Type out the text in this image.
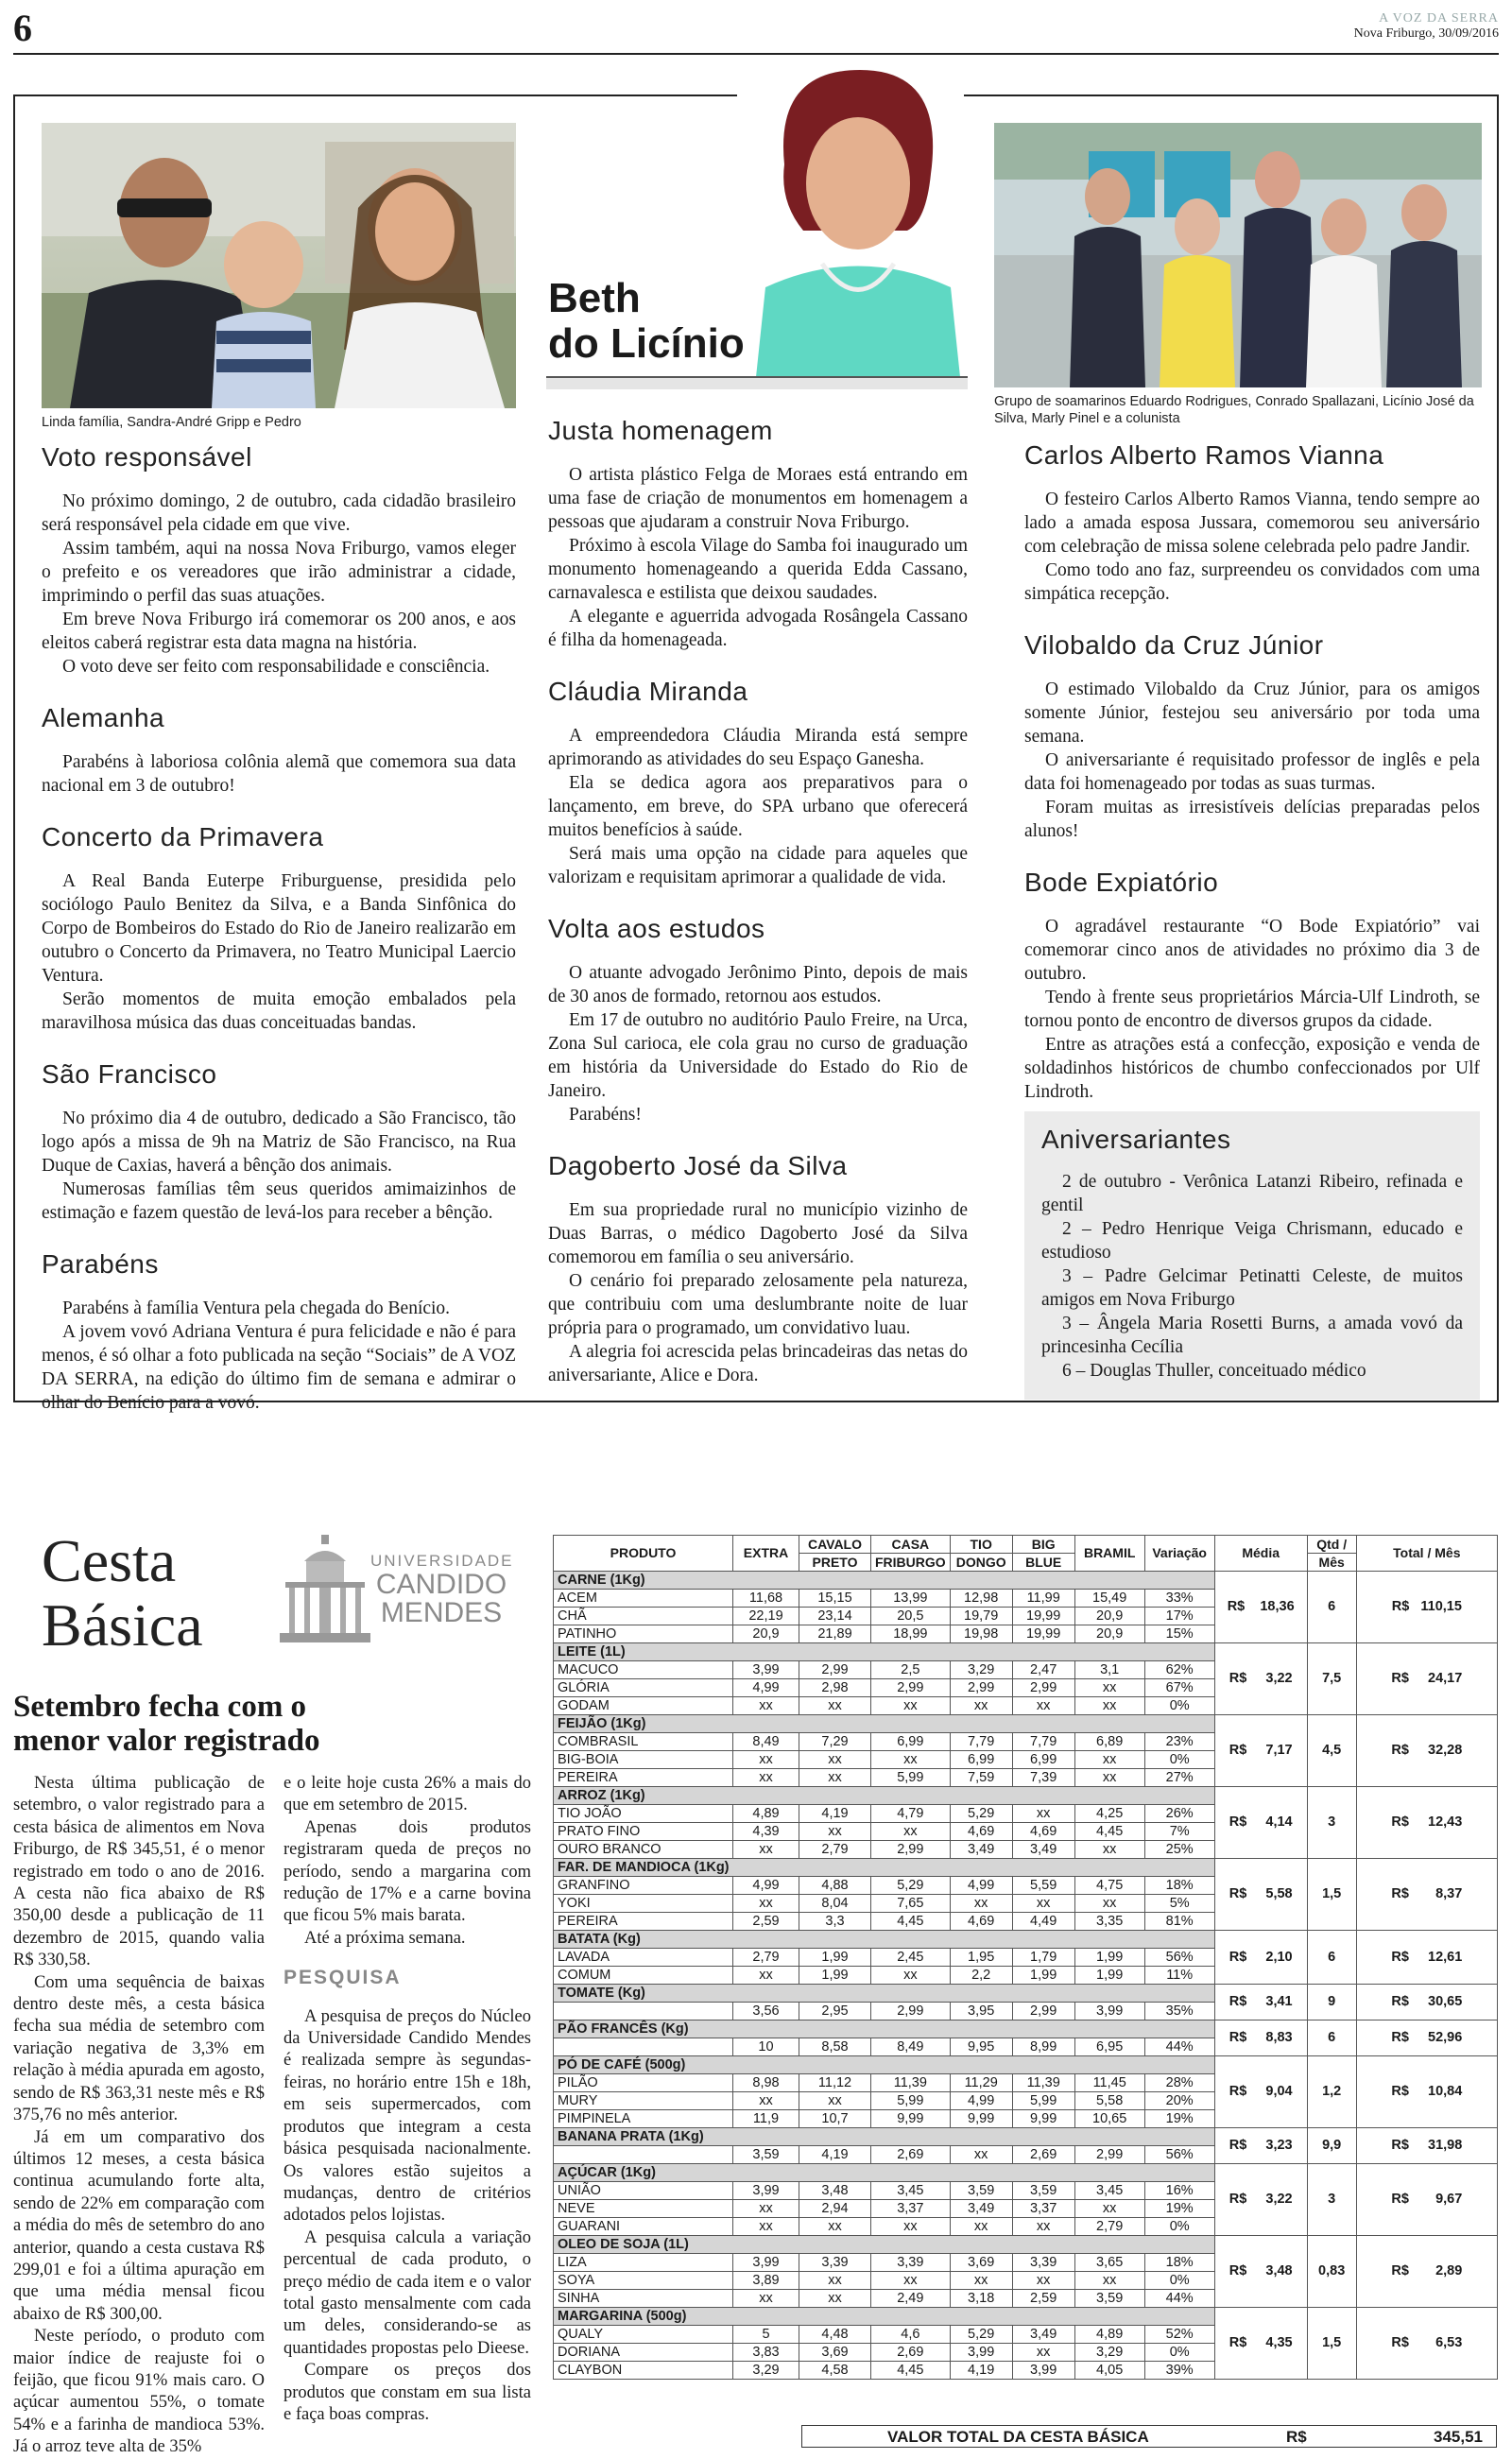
6	A VOZ DA SERRA
Nova Friburgo, 30/09/2016
Linda família, Sandra-André Gripp e Pedro
Voto responsável

No próximo domingo, 2 de outubro, cada cidadão brasileiro será responsável pela cidade em que vive.

Assim também, aqui na nossa Nova Friburgo, vamos eleger o prefeito e os vereadores que irão administrar a cidade, imprimindo o perfil das suas atuações.

Em breve Nova Friburgo irá comemorar os 200 anos, e aos eleitos caberá registrar esta data magna na história.

O voto deve ser feito com responsabilidade e consciência.

Alemanha

Parabéns à laboriosa colônia alemã que comemora sua data nacional em 3 de outubro!

Concerto da Primavera

A Real Banda Euterpe Friburguense, presidida pelo sociólogo Paulo Benitez da Silva, e a Banda Sinfônica do Corpo de Bombeiros do Estado do Rio de Janeiro realizarão em outubro o Concerto da Primavera, no Teatro Municipal Laercio Ventura.

Serão momentos de muita emoção embalados pela maravilhosa música das duas conceituadas bandas.

São Francisco

No próximo dia 4 de outubro, dedicado a São Francisco, tão logo após a missa de 9h na Matriz de São Francisco, na Rua Duque de Caxias, haverá a bênção dos animais.

Numerosas famílias têm seus queridos amimaizinhos de estimação e fazem questão de levá-los para receber a bênção.

Parabéns

Parabéns à família Ventura pela chegada do Benício.

A jovem vovó Adriana Ventura é pura felicidade e não é para menos, é só olhar a foto publicada na seção “Sociais” de A VOZ DA SERRA, na edição do último fim de semana e admirar o olhar do Benício para a vovó.

Beth
do Licínio
Justa homenagem

O artista plástico Felga de Moraes está entrando em uma fase de criação de monumentos em homenagem a pessoas que ajudaram a construir Nova Friburgo.

Próximo à escola Vilage do Samba foi inaugurado um monumento homenageando a querida Edda Cassano, carnavalesca e estilista que deixou saudades.

A elegante e aguerrida advogada Rosângela Cassano é filha da homenageada.

Cláudia Miranda

A empreendedora Cláudia Miranda está sempre aprimorando as atividades do seu Espaço Ganesha.

Ela se dedica agora aos preparativos para o lançamento, em breve, do SPA urbano que oferecerá muitos benefícios à saúde.

Será mais uma opção na cidade para aqueles que valorizam e requisitam aprimorar a qualidade de vida.

Volta aos estudos

O atuante advogado Jerônimo Pinto, depois de mais de 30 anos de formado, retornou aos estudos.

Em 17 de outubro no auditório Paulo Freire, na Urca, Zona Sul carioca, ele cola grau no curso de graduação em história da Universidade do Estado do Rio de Janeiro.

Parabéns!

Dagoberto José da Silva

Em sua propriedade rural no município vizinho de Duas Barras, o médico Dagoberto José da Silva comemorou em família o seu aniversário.

O cenário foi preparado zelosamente pela natureza, que contribuiu com uma deslumbrante noite de luar própria para o programado, um convidativo luau.

A alegria foi acrescida pelas brincadeiras das netas do aniversariante, Alice e Dora.

Grupo de soamarinos Eduardo Rodrigues, Conrado Spallazani, Licínio José da Silva, Marly Pinel e a colunista
Carlos Alberto Ramos Vianna

O festeiro Carlos Alberto Ramos Vianna, tendo sempre ao lado a amada esposa Jussara, comemorou seu aniversário com celebração de missa solene celebrada pelo padre Jandir.

Como todo ano faz, surpreendeu os convidados com uma simpática recepção.

Vilobaldo da Cruz Júnior

O estimado Vilobaldo da Cruz Júnior, para os amigos somente Júnior, festejou seu aniversário por toda uma semana.

O aniversariante é requisitado professor de inglês e pela data foi homenageado por todas as suas turmas.

Foram muitas as irresistíveis delícias preparadas pelos alunos!

Bode Expiatório

O agradável restaurante “O Bode Expiatório” vai comemorar cinco anos de atividades no próximo dia 3 de outubro.

Tendo à frente seus proprietários Márcia-Ulf Lindroth, se tornou ponto de encontro de diversos grupos da cidade.

Entre as atrações está a confecção, exposição e venda de soldadinhos históricos de chumbo confeccionados por Ulf Lindroth.

Aniversariantes

2 de outubro - Verônica Latanzi Ribeiro, refinada e gentil

2 – Pedro Henrique Veiga Chrismann, educado e estudioso

3 – Padre Gelcimar Petinatti Celeste, de muitos amigos em Nova Friburgo

3 – Ângela Maria Rosetti Burns, a amada vovó da princesinha Cecília

6 – Douglas Thuller, conceituado médico

Cesta
Básica
UNIVERSIDADE
CANDIDO
MENDES
Setembro fecha com o menor valor registrado

Nesta última publicação de setembro, o valor registrado para a cesta básica de alimentos em Nova Friburgo, de R$ 345,51, é o menor registrado em todo o ano de 2016. A cesta não fica abaixo de R$ 350,00 desde a publicação de 11 dezembro de 2015, quando valia R$ 330,58.

Com uma sequência de baixas dentro deste mês, a cesta básica fecha sua média de setembro com variação negativa de 3,3% em relação à média apurada em agosto, sendo de R$ 363,31 neste mês e R$ 375,76 no mês anterior.

Já em um comparativo dos últimos 12 meses, a cesta básica continua acumulando forte alta, sendo de 22% em comparação com a média do mês de setembro do ano anterior, quando a cesta custava R$ 299,01 e foi a última apuração em que uma média mensal ficou abaixo de R$ 300,00.

Neste período, o produto com maior índice de reajuste foi o feijão, que ficou 91% mais caro. O açúcar aumentou 55%, o tomate 54% e a farinha de mandioca 53%. Já o arroz teve alta de 35%

e o leite hoje custa 26% a mais do que em setembro de 2015.

Apenas dois produtos registraram queda de preços no período, sendo a margarina com redução de 17% e a carne bovina que ficou 5% mais barata.

Até a próxima semana.

PESQUISA

A pesquisa de preços do Núcleo da Universidade Candido Mendes é realizada sempre às segundas-feiras, no horário entre 15h e 18h, em seis supermercados, com produtos que integram a cesta básica pesquisada nacionalmente. Os valores estão sujeitos a mudanças, dentro de critérios adotados pelos lojistas.

A pesquisa calcula a variação percentual de cada produto, o preço médio de cada item e o valor total gasto mensalmente com cada um deles, considerando-se as quantidades propostas pelo Dieese.

Compare os preços dos produtos que constam em sua lista e faça boas compras.

PRODUTO	EXTRA	CAVALO	CASA	TIO	BIG	BRAMIL	Variação	Média	Qtd /	Total / Mês
		PRETO	FRIBURGO	DONGO	BLUE				Mês	
CARNE (1Kg)								R$    18,36	6	R$   110,15
ACEM	11,68	15,15	13,99	12,98	11,99	15,49	33%			
CHÃ	22,19	23,14	20,5	19,79	19,99	20,9	17%			
PATINHO	20,9	21,89	18,99	19,98	19,99	20,9	15%			
LEITE (1L)								R$     3,22	7,5	R$     24,17
MACUCO	3,99	2,99	2,5	3,29	2,47	3,1	62%			
GLÓRIA	4,99	2,98	2,99	2,99	2,99	xx	67%			
GODAM	xx	xx	xx	xx	xx	xx	0%			
FEIJÃO (1Kg)								R$     7,17	4,5	R$     32,28
COMBRASIL	8,49	7,29	6,99	7,79	7,79	6,89	23%			
BIG-BOIA	xx	xx	xx	6,99	6,99	xx	0%			
PEREIRA	xx	xx	5,99	7,59	7,39	xx	27%			
ARROZ (1Kg)								R$     4,14	3	R$     12,43
TIO JOÃO	4,89	4,19	4,79	5,29	xx	4,25	26%			
PRATO FINO	4,39	xx	xx	4,69	4,69	4,45	7%			
OURO BRANCO	xx	2,79	2,99	3,49	3,49	xx	25%			
FAR. DE MANDIOCA (1Kg)								R$     5,58	1,5	R$       8,37
GRANFINO	4,99	4,88	5,29	4,99	5,59	4,75	18%			
YOKI	xx	8,04	7,65	xx	xx	xx	5%			
PEREIRA	2,59	3,3	4,45	4,69	4,49	3,35	81%			
BATATA (Kg)								R$     2,10	6	R$     12,61
LAVADA	2,79	1,99	2,45	1,95	1,79	1,99	56%			
COMUM	xx	1,99	xx	2,2	1,99	1,99	11%			
TOMATE (Kg)								R$     3,41	9	R$     30,65
	3,56	2,95	2,99	3,95	2,99	3,99	35%			
PÃO FRANCÊS (Kg)								R$     8,83	6	R$     52,96
	10	8,58	8,49	9,95	8,99	6,95	44%			
PÓ DE CAFÉ (500g)								R$     9,04	1,2	R$     10,84
PILÃO	8,98	11,12	11,39	11,29	11,39	11,45	28%			
MURY	xx	xx	5,99	4,99	5,99	5,58	20%			
PIMPINELA	11,9	10,7	9,99	9,99	9,99	10,65	19%			
BANANA PRATA (1Kg)								R$     3,23	9,9	R$     31,98
	3,59	4,19	2,69	xx	2,69	2,99	56%			
AÇÚCAR (1Kg)								R$     3,22	3	R$       9,67
UNIÃO	3,99	3,48	3,45	3,59	3,59	3,45	16%			
NEVE	xx	2,94	3,37	3,49	3,37	xx	19%			
GUARANI	xx	xx	xx	xx	xx	2,79	0%			
OLEO DE SOJA (1L)								R$     3,48	0,83	R$       2,89
LIZA	3,99	3,39	3,39	3,69	3,39	3,65	18%			
SOYA	3,89	xx	xx	xx	xx	xx	0%			
SINHA	xx	xx	2,49	3,18	2,59	3,59	44%			
MARGARINA (500g)								R$     4,35	1,5	R$       6,53
QUALY	5	4,48	4,6	5,29	3,49	4,89	52%			
DORIANA	3,83	3,69	2,69	3,99	xx	3,29	0%			
CLAYBON	3,29	4,58	4,45	4,19	3,99	4,05	39%			
VALOR TOTAL DA CESTA BÁSICA	R$	345,51
